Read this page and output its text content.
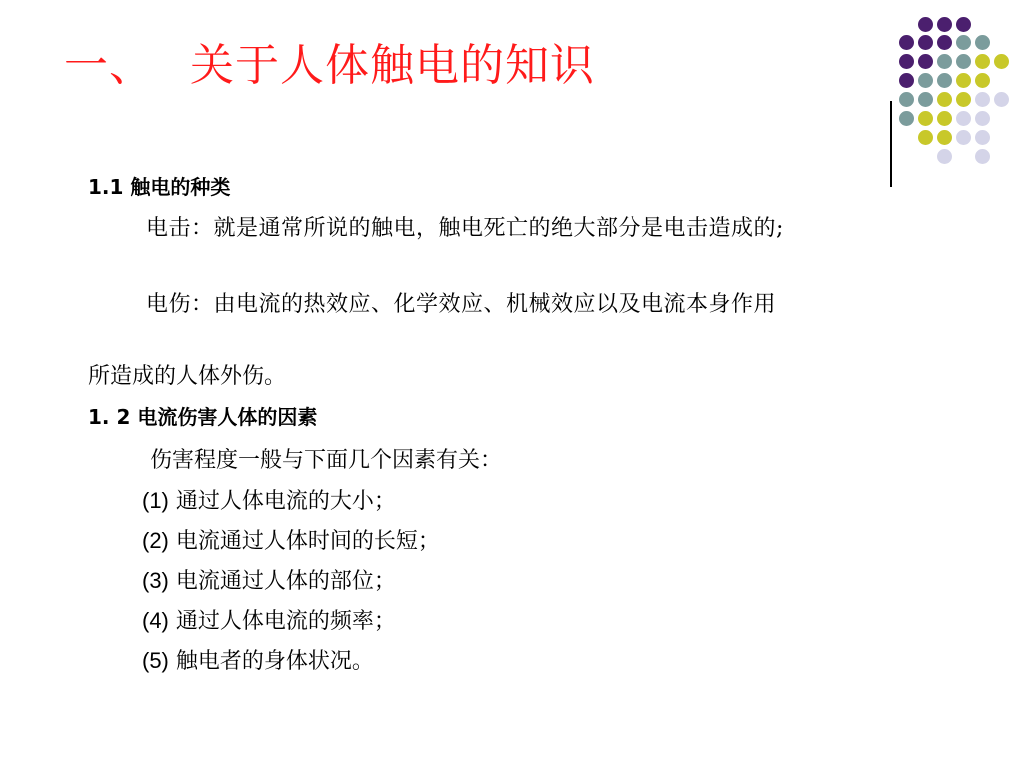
一、 关于人体触电的知识
1.1 触电的种类
电击：就是通常所说的触电，触电死亡的绝大部分是电击造成的;
电伤：由电流的热效应、化学效应、机械效应以及电流本身作用
所造成的人体外伤。
1. 2 电流伤害人体的因素
伤害程度一般与下面几个因素有关：
(1) 通过人体电流的大小；
(2) 电流通过人体时间的长短；
(3) 电流通过人体的部位；
(4) 通过人体电流的频率；
(5) 触电者的身体状况。
